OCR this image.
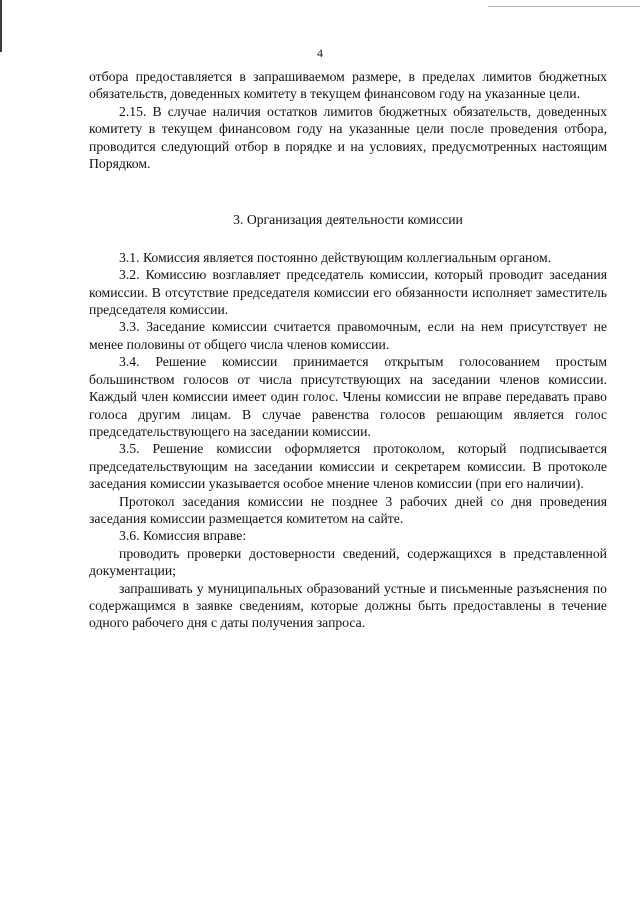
4

отбора предоставляется в запрашиваемом размере, в пределах лимитов бюджетных обязательств, доведенных комитету в текущем финансовом году на указанные цели.

2.15. В случае наличия остатков лимитов бюджетных обязательств, доведенных комитету в текущем финансовом году на указанные цели после проведения отбора, проводится следующий отбор в порядке и на условиях, предусмотренных настоящим Порядком.

3. Организация деятельности комиссии

3.1. Комиссия является постоянно действующим коллегиальным органом.

3.2. Комиссию возглавляет председатель комиссии, который проводит заседания комиссии. В отсутствие председателя комиссии его обязанности исполняет заместитель председателя комиссии.

3.3. Заседание комиссии считается правомочным, если на нем присутствует не менее половины от общего числа членов комиссии.

3.4. Решение комиссии принимается открытым голосованием простым большинством голосов от числа присутствующих на заседании членов комиссии. Каждый член комиссии имеет один голос. Члены комиссии не вправе передавать право голоса другим лицам. В случае равенства голосов решающим является голос председательствующего на заседании комиссии.

3.5. Решение комиссии оформляется протоколом, который подписывается председательствующим на заседании комиссии и секретарем комиссии. В протоколе заседания комиссии указывается особое мнение членов комиссии (при его наличии).

Протокол заседания комиссии не позднее 3 рабочих дней со дня проведения заседания комиссии размещается комитетом на сайте.

3.6. Комиссия вправе:

проводить проверки достоверности сведений, содержащихся в представленной документации;

запрашивать у муниципальных образований устные и письменные разъяснения по содержащимся в заявке сведениям, которые должны быть предоставлены в течение одного рабочего дня с даты получения запроса.
